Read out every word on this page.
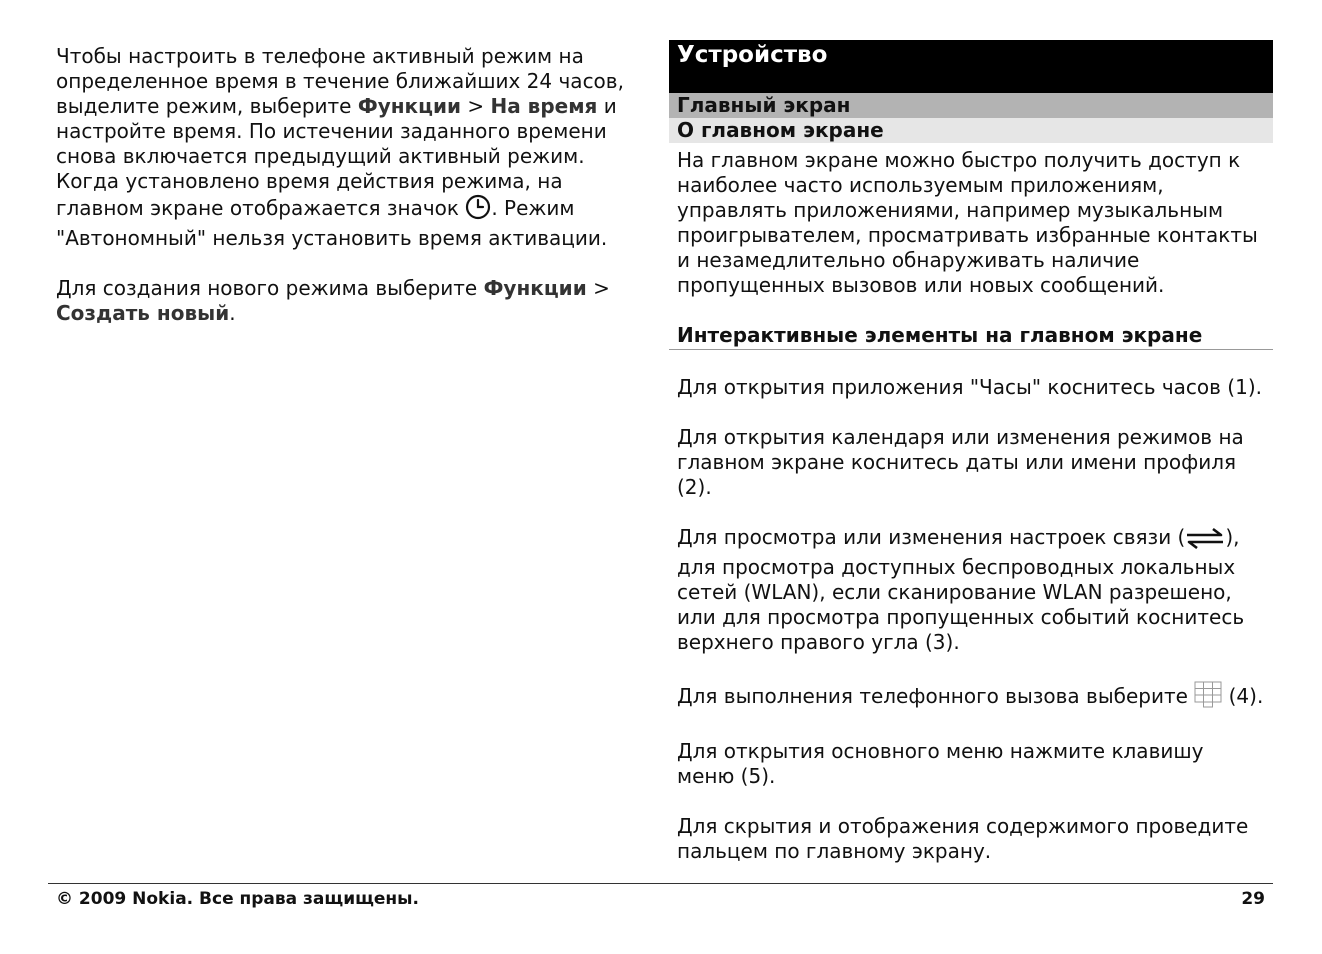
Чтобы настроить в телефоне активный режим на определенное время в течение ближайших 24 часов, выделите режим, выберите Функции > На время и настройте время. По истечении заданного времени снова включается предыдущий активный режим. Когда установлено время действия режима, на главном экране отображается значок . Режим "Автономный" нельзя установить время активации.

Для создания нового режима выберите Функции >
Создать новый.

Устройство
Главный экран
О главном экране

На главном экране можно быстро получить доступ к наиболее часто используемым приложениям, управлять приложениями, например музыкальным проигрывателем, просматривать избранные контакты и незамедлительно обнаруживать наличие пропущенных вызовов или новых сообщений.

Интерактивные элементы на главном экране

Для открытия приложения "Часы" коснитесь часов (1).

Для открытия календаря или изменения режимов на главном экране коснитесь даты или имени профиля (2).

Для просмотра или изменения настроек связи ( ), для просмотра доступных беспроводных локальных сетей (WLAN), если сканирование WLAN разрешено, или для просмотра пропущенных событий коснитесь верхнего правого угла (3).

Для выполнения телефонного вызова выберите  (4).

Для открытия основного меню нажмите клавишу меню (5).

Для скрытия и отображения содержимого проведите пальцем по главному экрану.

© 2009 Nokia. Все права защищены.	29
